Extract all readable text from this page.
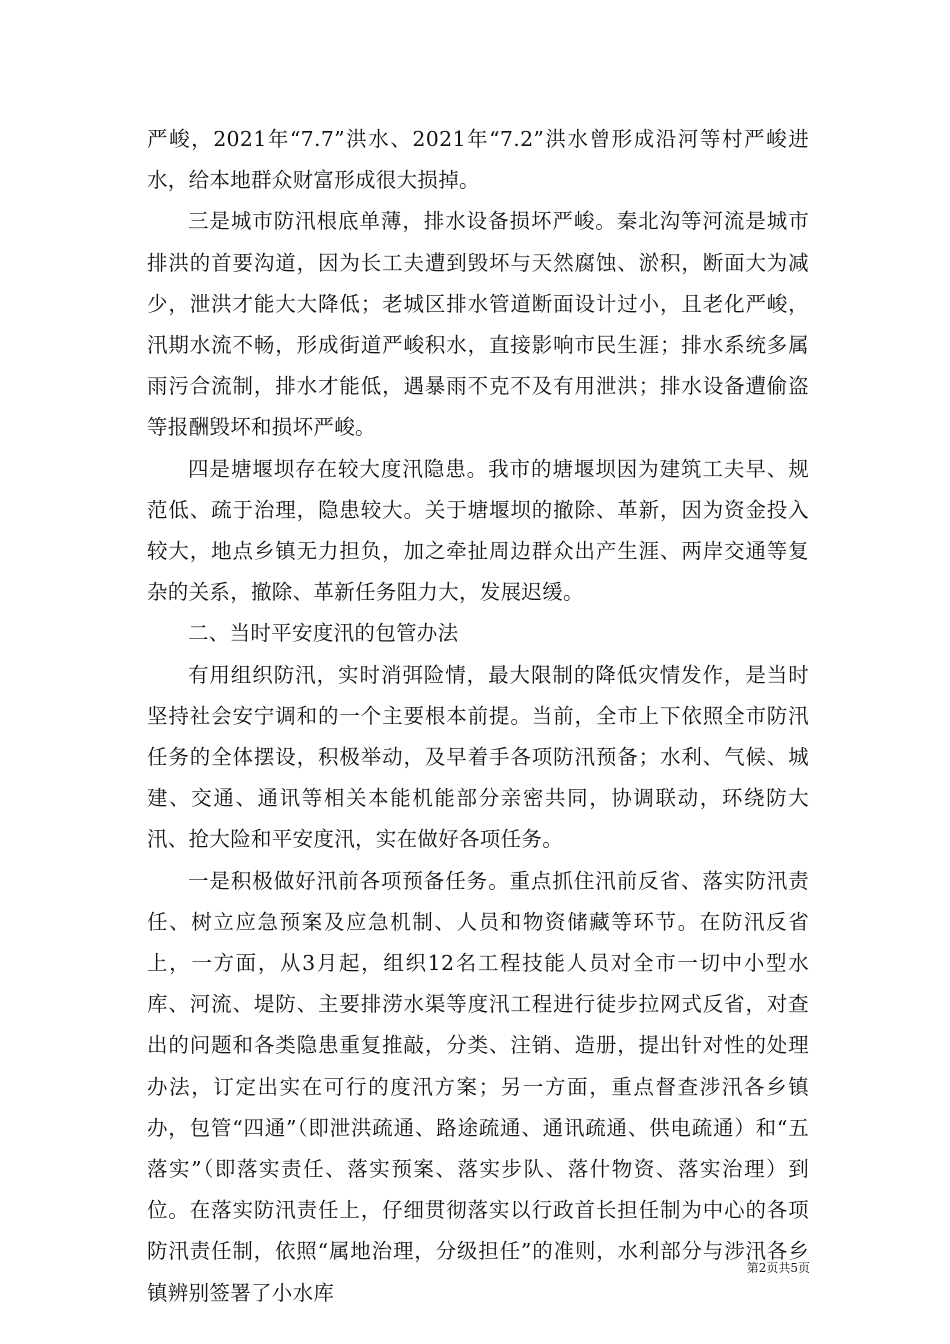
严峻，2021年“7.7”洪水、2021年“7.2”洪水曾形成沿河等村严峻进水，给本地群众财富形成很大损掉。

三是城市防汛根底单薄，排水设备损坏严峻。秦北沟等河流是城市排洪的首要沟道，因为长工夫遭到毁坏与天然腐蚀、淤积，断面大为减少，泄洪才能大大降低；老城区排水管道断面设计过小，且老化严峻，汛期水流不畅，形成街道严峻积水，直接影响市民生涯；排水系统多属雨污合流制，排水才能低，遇暴雨不克不及有用泄洪；排水设备遭偷盗等报酬毁坏和损坏严峻。

四是塘堰坝存在较大度汛隐患。我市的塘堰坝因为建筑工夫早、规范低、疏于治理，隐患较大。关于塘堰坝的撤除、革新，因为资金投入较大，地点乡镇无力担负，加之牵扯周边群众出产生涯、两岸交通等复杂的关系，撤除、革新任务阻力大，发展迟缓。

二、当时平安度汛的包管办法

有用组织防汛，实时消弭险情，最大限制的降低灾情发作，是当时坚持社会安宁调和的一个主要根本前提。当前，全市上下依照全市防汛任务的全体摆设，积极举动，及早着手各项防汛预备；水利、气候、城建、交通、通讯等相关本能机能部分亲密共同，协调联动，环绕防大汛、抢大险和平安度汛，实在做好各项任务。

一是积极做好汛前各项预备任务。重点抓住汛前反省、落实防汛责任、树立应急预案及应急机制、人员和物资储藏等环节。在防汛反省上，一方面，从3月起，组织12名工程技能人员对全市一切中小型水库、河流、堤防、主要排涝水渠等度汛工程进行徒步拉网式反省，对查出的问题和各类隐患重复推敲，分类、注销、造册，提出针对性的处理办法，订定出实在可行的度汛方案；另一方面，重点督查涉汛各乡镇办，包管“四通”（即泄洪疏通、路途疏通、通讯疏通、供电疏通）和“五落实”（即落实责任、落实预案、落实步队、落什物资、落实治理）到位。在落实防汛责任上，仔细贯彻落实以行政首长担任制为中心的各项防汛责任制，依照“属地治理，分级担任”的准则，水利部分与涉汛各乡镇辨别签署了小水库

第2页共5页
